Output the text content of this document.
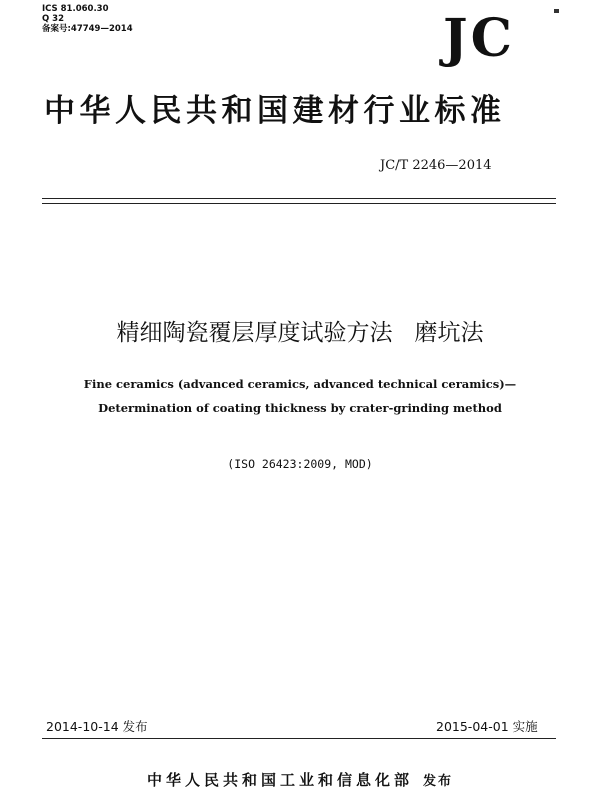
ICS 81.060.30
Q 32
备案号:47749—2014	JC
中华人民共和国建材行业标准
JC/T 2246—2014
精细陶瓷覆层厚度试验方法   磨坑法
Fine ceramics (advanced ceramics, advanced technical ceramics)—
Determination of coating thickness by crater-grinding method
(ISO 26423:2009, MOD)
2014-10-14 发布	2015-04-01 实施
中华人民共和国工业和信息化部 发布
